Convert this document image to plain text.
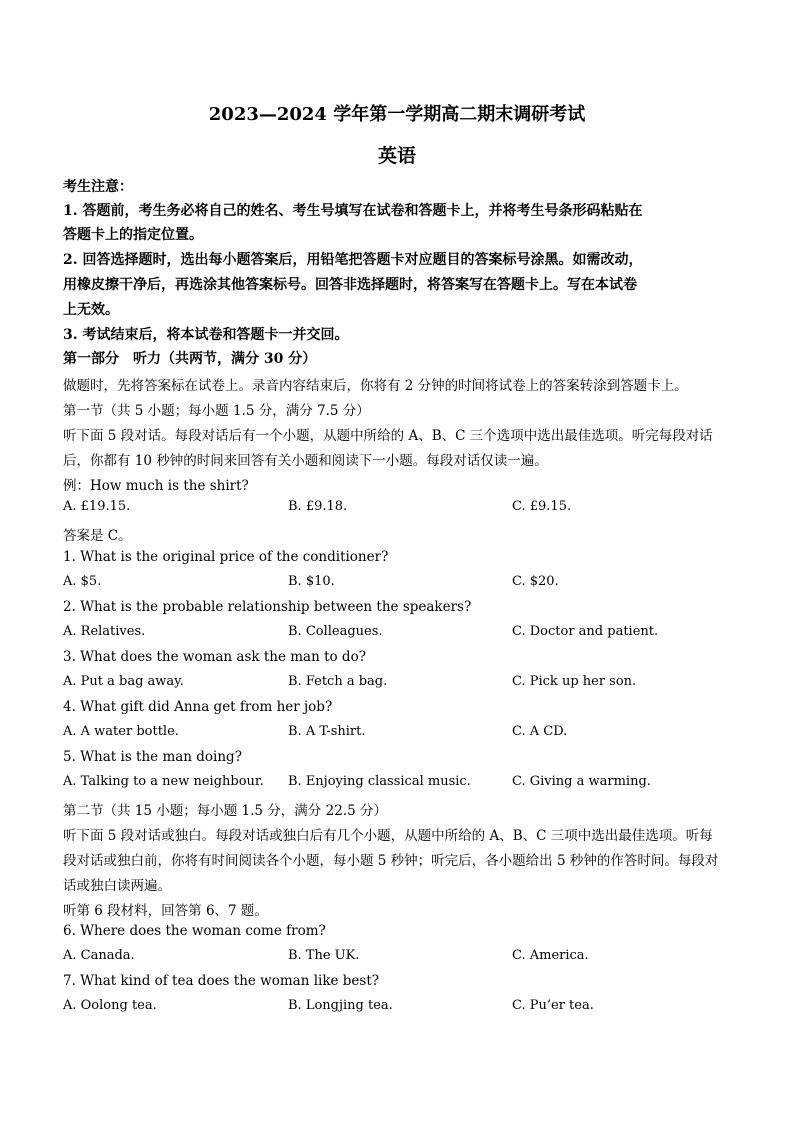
2023—2024 学年第一学期高二期末调研考试
英语
考生注意：
1. 答题前，考生务必将自己的姓名、考生号填写在试卷和答题卡上，并将考生号条形码粘贴在
答题卡上的指定位置。
2. 回答选择题时，选出每小题答案后，用铅笔把答题卡对应题目的答案标号涂黑。如需改动，
用橡皮擦干净后，再选涂其他答案标号。回答非选择题时，将答案写在答题卡上。写在本试卷
上无效。
3. 考试结束后，将本试卷和答题卡一并交回。
第一部分　听力（共两节，满分 30 分）
做题时，先将答案标在试卷上。录音内容结束后，你将有 2 分钟的时间将试卷上的答案转涂到答题卡上。
第一节（共 5 小题；每小题 1.5 分，满分 7.5 分）
听下面 5 段对话。每段对话后有一个小题，从题中所给的 A、B、C 三个选项中选出最佳选项。听完每段对话
后，你都有 10 秒钟的时间来回答有关小题和阅读下一小题。每段对话仅读一遍。
例：How much is the shirt?
A. £19.15.	B. £9.18.	C. £9.15.
答案是 C。
1. What is the original price of the conditioner?
A. $5.	B. $10.	C. $20.
2. What is the probable relationship between the speakers?
A. Relatives.	B. Colleagues.	C. Doctor and patient.
3. What does the woman ask the man to do?
A. Put a bag away.	B. Fetch a bag.	C. Pick up her son.
4. What gift did Anna get from her job?
A. A water bottle.	B. A T-shirt.	C. A CD.
5. What is the man doing?
A. Talking to a new neighbour. B. Enjoying classical music.	C. Giving a warming.
第二节（共 15 小题；每小题 1.5 分，满分 22.5 分）
听下面 5 段对话或独白。每段对话或独白后有几个小题，从题中所给的 A、B、C 三项中选出最佳选项。听每
段对话或独白前，你将有时间阅读各个小题，每小题 5 秒钟；听完后，各小题给出 5 秒钟的作答时间。每段对
话或独白读两遍。
听第 6 段材料，回答第 6、7 题。
6. Where does the woman come from?
A. Canada.	B. The UK.	C. America.
7. What kind of tea does the woman like best?
A. Oolong tea.	B. Longjing tea.	C. Pu’er tea.
